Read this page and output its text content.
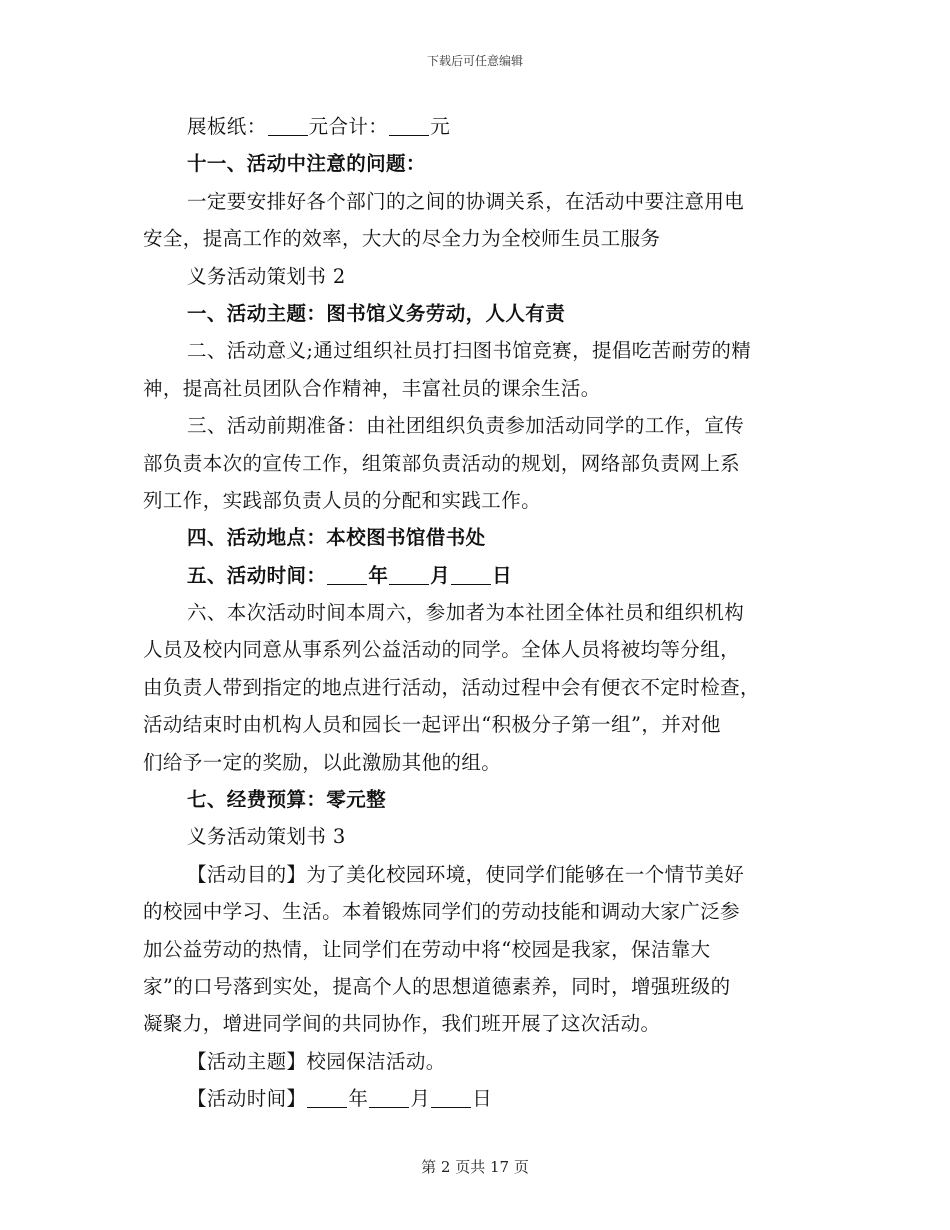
下载后可任意编辑
展板纸： 元合计： 元
十一、活动中注意的问题：
一定要安排好各个部门的之间的协调关系，在活动中要注意用电
安全，提高工作的效率，大大的尽全力为全校师生员工服务
义务活动策划书 2
一、活动主题：图书馆义务劳动，人人有责
二、活动意义;通过组织社员打扫图书馆竞赛，提倡吃苦耐劳的精
神，提高社员团队合作精神，丰富社员的课余生活。
三、活动前期准备：由社团组织负责参加活动同学的工作，宣传
部负责本次的宣传工作，组策部负责活动的规划，网络部负责网上系
列工作，实践部负责人员的分配和实践工作。
四、活动地点：本校图书馆借书处
五、活动时间： 年 月 日
六、本次活动时间本周六，参加者为本社团全体社员和组织机构
人员及校内同意从事系列公益活动的同学。全体人员将被均等分组，
由负责人带到指定的地点进行活动，活动过程中会有便衣不定时检查，
活动结束时由机构人员和园长一起评出“积极分子第一组”，并对他
们给予一定的奖励，以此激励其他的组。
七、经费预算：零元整
义务活动策划书 3
【活动目的】为了美化校园环境，使同学们能够在一个情节美好
的校园中学习、生活。本着锻炼同学们的劳动技能和调动大家广泛参
加公益劳动的热情，让同学们在劳动中将“校园是我家，保洁靠大
家”的口号落到实处，提高个人的思想道德素养，同时，增强班级的
凝聚力，增进同学间的共同协作，我们班开展了这次活动。
【活动主题】校园保洁活动。
【活动时间】 年 月 日
第 2 页共 17 页
